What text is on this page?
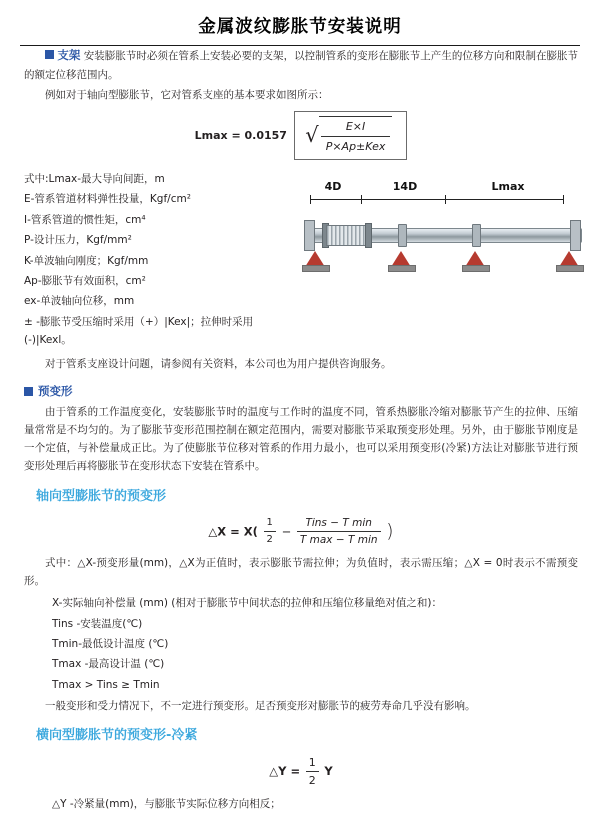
金属波纹膨胀节安装说明

支架 安装膨胀节时必须在管系上安装必要的支架，以控制管系的变形在膨胀节上产生的位移方向和限制在膨胀节的额定位移范围内。

例如对于轴向型膨胀节，它对管系支座的基本要求如图所示：

Lmax = 0.0157 √ $\frac{E\times I}{\text{P×Ap±Kex}}$
式中:Lmax-最大导向间距，m
E-管系管道材料弹性投量，Kgf/cm²
I-管系管道的惯性矩，cm⁴
P-设计压力，Kgf/mm²
K-单波轴向刚度；Kgf/mm
Ap-膨胀节有效面积，cm²
ex-单波轴向位移，mm
± -膨胀节受压缩时采用（+）|Kex|；拉伸时采用(-)|Kexl。
4D	14D	Lmax

对于管系支座设计问题，请参阅有关资料，本公司也为用户提供咨询服务。

预变形

由于管系的工作温度变化，安装膨胀节时的温度与工作时的温度不同，管系热膨胀冷缩对膨胀节产生的拉伸、压缩量常常是不均匀的。为了膨胀节变形范围控制在额定范围内，需要对膨胀节采取预变形处理。另外，由于膨胀节刚度是一个定值，与补偿量成正比。为了使膨胀节位移对管系的作用力最小，也可以采用预变形(冷紧)方法让对膨胀节进行预变形处理后再将膨胀节在变形状态下安装在管系中。

轴向型膨胀节的预变形
△X = $X( \frac{1}{2} - \frac{\text{Tins − T min}}{\text{T max − T min}}$ )

式中：△X-预变形量(mm)，△X为正值时，表示膨胀节需拉伸；为负值时，表示需压缩；△X = 0时表示不需预变形。

X-实际轴向补偿量 (mm) (相对于膨胀节中间状态的拉伸和压缩位移量绝对值之和)：
Tins -安装温度(℃)
Tmin-最低设计温度 (℃)
Tmax -最高设计温 (℃)
Tmax > Tins ≥ Tmin

一般变形和受力情况下，不一定进行预变形。足否预变形对膨胀节的疲劳寿命几乎没有影响。

横向型膨胀节的预变形-冷紧
△Y = $\frac{1}{2}$ Y

△Y -冷紧量(mm)，与膨胀节实际位移方向相反；
